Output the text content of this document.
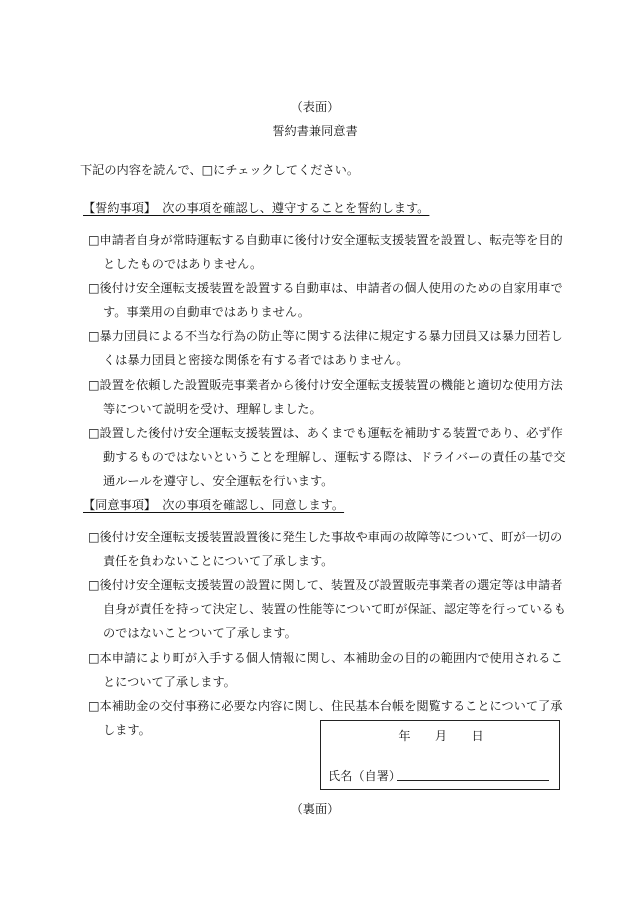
（表面）
誓約書兼同意書
下記の内容を読んで、□にチェックしてください。
【誓約事項】　次の事項を確認し、遵守することを誓約します。
□申請者自身が常時運転する自動車に後付け安全運転支援装置を設置し、転売等を目的
としたものではありません。
□後付け安全運転支援装置を設置する自動車は、申請者の個人使用のための自家用車で
す。事業用の自動車ではありません。
□暴力団員による不当な行為の防止等に関する法律に規定する暴力団員又は暴力団若し
くは暴力団員と密接な関係を有する者ではありません。
□設置を依頼した設置販売事業者から後付け安全運転支援装置の機能と適切な使用方法
等について説明を受け、理解しました。
□設置した後付け安全運転支援装置は、あくまでも運転を補助する装置であり、必ず作
動するものではないということを理解し、運転する際は、ドライバーの責任の基で交
通ルールを遵守し、安全運転を行います。
【同意事項】　次の事項を確認し、同意します。
□後付け安全運転支援装置設置後に発生した事故や車両の故障等について、町が一切の
責任を負わないことについて了承します。
□後付け安全運転支援装置の設置に関して、装置及び設置販売事業者の選定等は申請者
自身が責任を持って決定し、装置の性能等について町が保証、認定等を行っているも
のではないことついて了承します。
□本申請により町が入手する個人情報に関し、本補助金の目的の範囲内で使用されるこ
とについて了承します。
□本補助金の交付事務に必要な内容に関し、住民基本台帳を閲覧することについて了承
します。	年　　月　　日
氏名（自署）
（裏面）
